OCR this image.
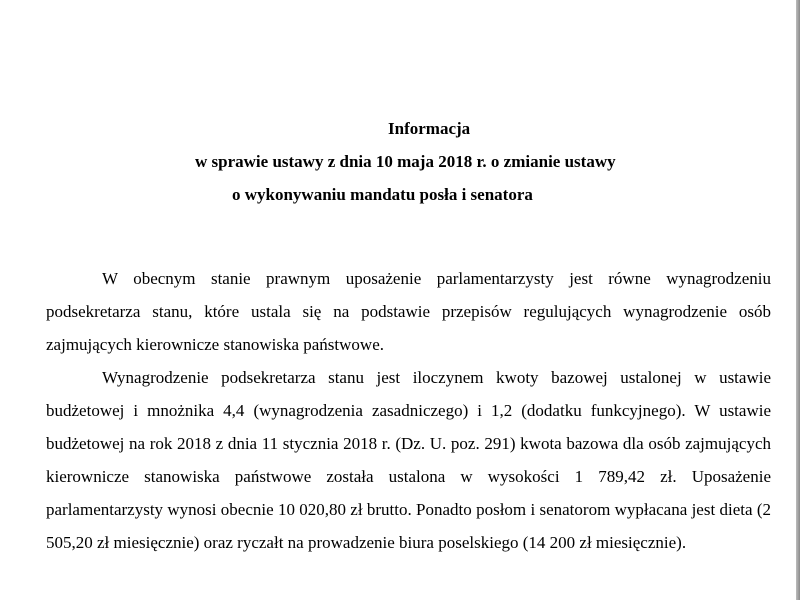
Informacja
w sprawie ustawy z dnia 10 maja 2018 r. o zmianie ustawy
o wykonywaniu mandatu posła i senatora

W obecnym stanie prawnym uposażenie parlamentarzysty jest równe wynagrodzeniu podsekretarza stanu, które ustala się na podstawie przepisów regulujących wynagrodzenie osób zajmujących kierownicze stanowiska państwowe.

Wynagrodzenie podsekretarza stanu jest iloczynem kwoty bazowej ustalonej w ustawie budżetowej i mnożnika 4,4 (wynagrodzenia zasadniczego) i 1,2 (dodatku funkcyjnego). W ustawie budżetowej na rok 2018 z dnia 11 stycznia 2018 r. (Dz. U. poz. 291) kwota bazowa dla osób zajmujących kierownicze stanowiska państwowe została ustalona w wysokości 1 789,42 zł. Uposażenie parlamentarzysty wynosi obecnie 10 020,80 zł brutto. Ponadto posłom i senatorom wypłacana jest dieta (2 505,20 zł miesięcznie) oraz ryczałt na prowadzenie biura poselskiego (14 200 zł miesięcznie).
